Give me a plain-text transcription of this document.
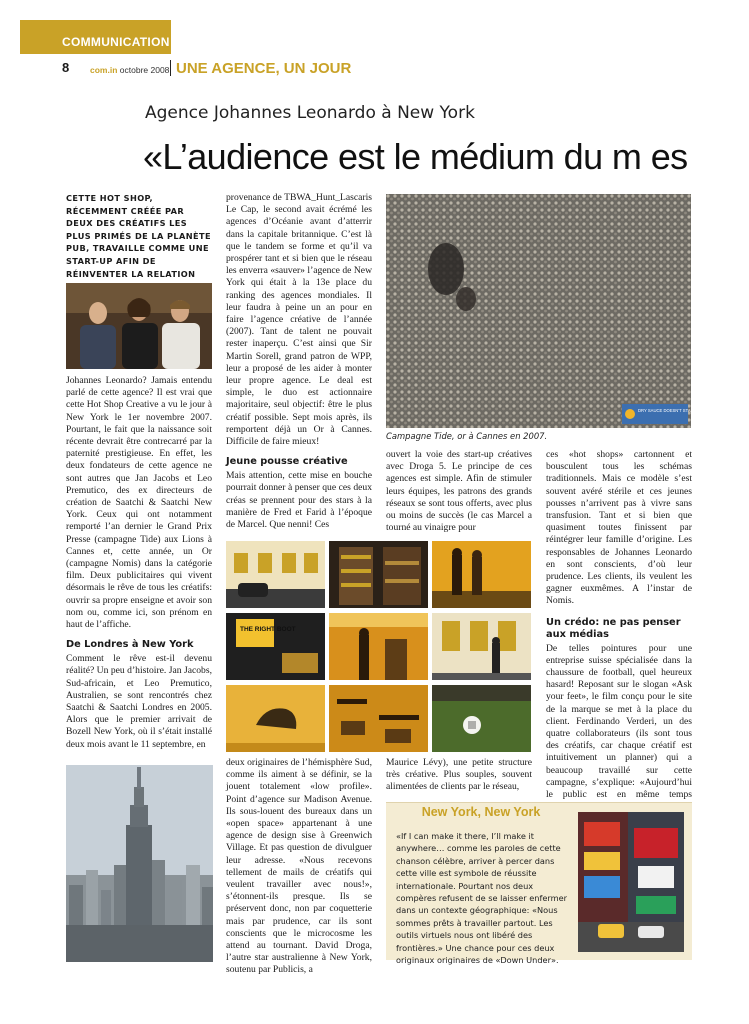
COMMUNICATION
8 com.in octobre 2008 UNE AGENCE, UN JOUR
Agence Johannes Leonardo à New York
«L’audience est le médium du m es
CETTE HOT SHOP, RÉCEMMENT CRÉÉE PAR DEUX DES CRÉATIFS LES PLUS PRIMÉS DE LA PLANÈTE PUB, TRAVAILLE COMME UNE START-UP AFIN DE RÉINVENTER LA RELATION

Johannes Leonardo? Jamais entendu parlé de cette agence? Il est vrai que cette Hot Shop Creative a vu le jour à New York le 1er novembre 2007. Pourtant, le fait que la naissance soit récente devrait être contrecarré par la paternité prestigieuse. En effet, les deux fondateurs de cette agence ne sont autres que Jan Jacobs et Leo Premutico, des ex directeurs de création de Saatchi & Saatchi New York. Ceux qui ont notamment remporté l’an dernier le Grand Prix Presse (campagne Tide) aux Lions à Cannes et, cette année, un Or (campagne Nomis) dans la catégorie film. Deux publicitaires qui vivent désormais le rêve de tous les créatifs: ouvrir sa propre enseigne et avoir son nom ou, comme ici, son prénom en haut de l’affiche.

De Londres à New York

Comment le rêve est-il devenu réalité? Un peu d’histoire. Jan Jacobs, Sud-africain, et Leo Premutico, Australien, se sont rencontrés chez Saatchi & Saatchi Londres en 2005. Alors que le premier arrivait de Bozell New York, où il s’était installé deux mois avant le 11 septembre, en

provenance de TBWA_Hunt_Lascaris Le Cap, le second avait écrémé les agences d’Océanie avant d’atterrir dans la capitale britannique. C’est là que le tandem se forme et qu’il va prospérer tant et si bien que le réseau les enverra «sauver» l’agence de New York qui était à la 13e place du ranking des agences mondiales. Il leur faudra à peine un an pour en faire l’agence créative de l’année (2007). Tant de talent ne pouvait rester inaperçu. C’est ainsi que Sir Martin Sorell, grand patron de WPP, leur a proposé de les aider à monter leur propre agence. Le deal est simple, le duo est actionnaire majoritaire, seul objectif: être le plus créatif possible. Sept mois après, ils remportent déjà un Or à Cannes. Difficile de faire mieux!

Jeune pousse créative

Mais attention, cette mise en bouche pourrait donner à penser que ces deux créas se prennent pour des stars à la manière de Fred et Farid à l’époque de Marcel. Que nenni! Ces

deux originaires de l’hémisphère Sud, comme ils aiment à se définir, se la jouent totalement «low profile». Point d’agence sur Madison Avenue. Ils sous-louent des bureaux dans un «open space» appartenant à une agence de design sise à Greenwich Village. Et pas question de divulguer leur adresse. «Nous recevons tellement de mails de créatifs qui veulent travailler avec nous!», s’étonnent-ils presque. Ils se préservent donc, non par coquetterie mais par prudence, car ils sont conscients que le microcosme les attend au tournant. David Droga, l’autre star australienne à New York, soutenu par Publicis, a

DRY SAUCE DOESN'T STAND A CHANCE
Campagne Tide, or à Cannes en 2007.

ouvert la voie des start-up créatives avec Droga 5. Le principe de ces agences est simple. Afin de stimuler leurs équipes, les patrons des grands réseaux se sont tous offerts, avec plus ou moins de succès (le cas Marcel a tourné au vinaigre pour

Maurice Lévy), une petite structure très créative. Plus souples, souvent alimentées de clients par le réseau,

ces «hot shops» cartonnent et bousculent tous les schémas traditionnels. Mais ce modèle s’est souvent avéré stérile et ces jeunes pousses n’arrivent pas à vivre sans transfusion. Tant et si bien que quasiment toutes finissent par réintégrer leur famille d’origine. Les responsables de Johannes Leonardo en sont conscients, d’où leur prudence. Les clients, ils veulent les gagner euxmêmes. A l’instar de Nomis.

Un crédo: ne pas penser aux médias

De telles pointures pour une entreprise suisse spécialisée dans la chaussure de football, quel heureux hasard! Reposant sur le slogan «Ask your feet», le film conçu pour le site de la marque se met à la place du client. Ferdinando Verderi, un des quatre collaborateurs (ils sont tous des créatifs, car chaque créatif est intuitivement un planner) qui a beaucoup travaillé sur cette campagne, s’explique: «Aujourd’hui le public est en même temps

THE RIGHT BOOT
New York, New York
«If I can make it there, I’ll make it anywhere… comme les paroles de cette chanson célèbre, arriver à percer dans cette ville est symbole de réussite internationale. Pourtant nos deux compères refusent de se laisser enfermer dans un contexte géographique: «Nous sommes prêts à travailler partout. Les outils virtuels nous ont libéré des frontières.» Une chance pour ces deux originaux originaires de «Down Under».
